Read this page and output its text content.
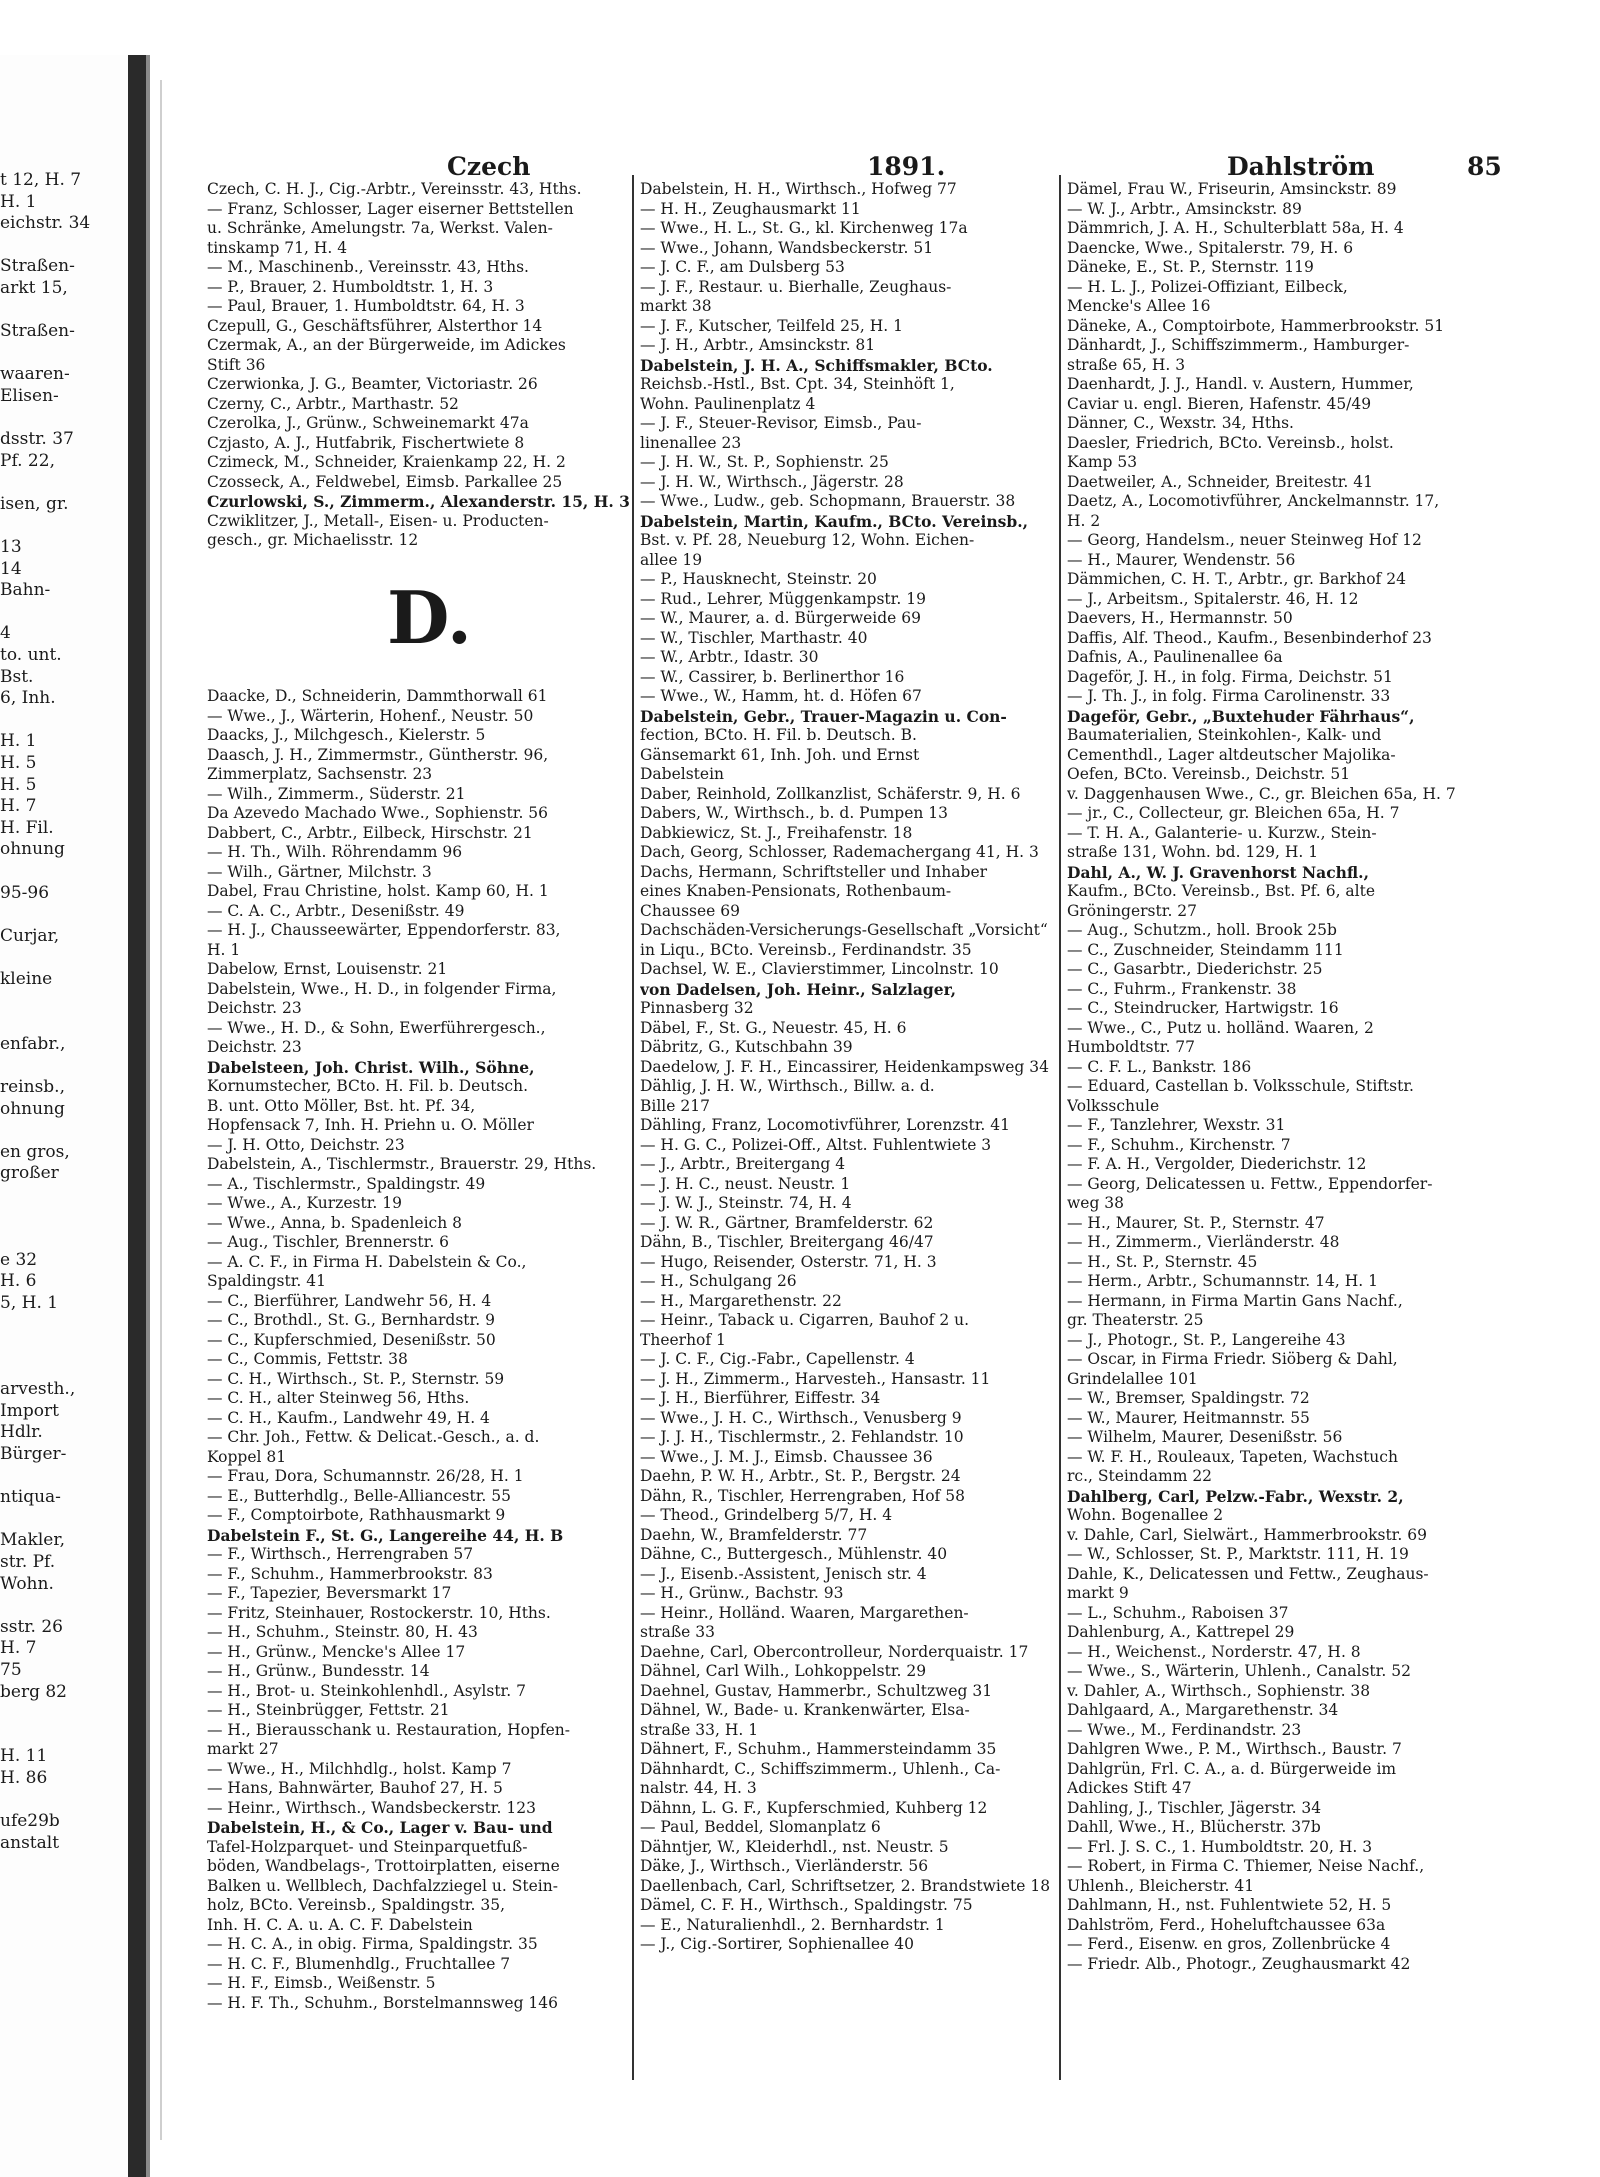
t 12, H. 7
H. 1
eichstr. 34
Straßen-
arkt 15,
Straßen-
waaren-
Elisen-
dsstr. 37
Pf. 22,
isen, gr.
13
14
Bahn-
4
to. unt.
Bst.
6, Inh.
H. 1
H. 5
H. 5
H. 7
H. Fil.
ohnung
95-96
Curjar,
kleine
enfabr.,
reinsb.,
ohnung
en gros,
großer
e 32
H. 6
5, H. 1
arvesth.,
Import
Hdlr.
Bürger-
ntiqua-
Makler,
str. Pf.
Wohn.
sstr. 26
H. 7
75
berg 82
H. 11
H. 86
ufe29b
anstalt
Czech	1891.	Dahlström	85
Czech, C. H. J., Cig.-Arbtr., Vereinsstr. 43, Hths.
— Franz, Schlosser, Lager eiserner Bettstellen
u. Schränke, Amelungstr. 7a, Werkst. Valen-
tinskamp 71, H. 4
— M., Maschinenb., Vereinsstr. 43, Hths.
— P., Brauer, 2. Humboldtstr. 1, H. 3
— Paul, Brauer, 1. Humboldtstr. 64, H. 3
Czepull, G., Geschäftsführer, Alsterthor 14
Czermak, A., an der Bürgerweide, im Adickes
Stift 36
Czerwionka, J. G., Beamter, Victoriastr. 26
Czerny, C., Arbtr., Marthastr. 52
Czerolka, J., Grünw., Schweinemarkt 47a
Czjasto, A. J., Hutfabrik, Fischertwiete 8
Czimeck, M., Schneider, Kraienkamp 22, H. 2
Czosseck, A., Feldwebel, Eimsb. Parkallee 25
Czurlowski, S., Zimmerm., Alexanderstr. 15, H. 3
Czwiklitzer, J., Metall-, Eisen- u. Producten-
gesch., gr. Michaelisstr. 12
Daacke, D., Schneiderin, Dammthorwall 61
— Wwe., J., Wärterin, Hohenf., Neustr. 50
Daacks, J., Milchgesch., Kielerstr. 5
Daasch, J. H., Zimmermstr., Güntherstr. 96,
Zimmerplatz, Sachsenstr. 23
— Wilh., Zimmerm., Süderstr. 21
Da Azevedo Machado Wwe., Sophienstr. 56
Dabbert, C., Arbtr., Eilbeck, Hirschstr. 21
— H. Th., Wilh. Röhrendamm 96
— Wilh., Gärtner, Milchstr. 3
Dabel, Frau Christine, holst. Kamp 60, H. 1
— C. A. C., Arbtr., Desenißstr. 49
— H. J., Chausseewärter, Eppendorferstr. 83,
H. 1
Dabelow, Ernst, Louisenstr. 21
Dabelstein, Wwe., H. D., in folgender Firma,
Deichstr. 23
— Wwe., H. D., & Sohn, Ewerführergesch.,
Deichstr. 23
Dabelsteen, Joh. Christ. Wilh., Söhne,
Kornumstecher, BCto. H. Fil. b. Deutsch.
B. unt. Otto Möller, Bst. ht. Pf. 34,
Hopfensack 7, Inh. H. Priehn u. O. Möller
— J. H. Otto, Deichstr. 23
Dabelstein, A., Tischlermstr., Brauerstr. 29, Hths.
— A., Tischlermstr., Spaldingstr. 49
— Wwe., A., Kurzestr. 19
— Wwe., Anna, b. Spadenleich 8
— Aug., Tischler, Brennerstr. 6
— A. C. F., in Firma H. Dabelstein & Co.,
Spaldingstr. 41
— C., Bierführer, Landwehr 56, H. 4
— C., Brothdl., St. G., Bernhardstr. 9
— C., Kupferschmied, Desenißstr. 50
— C., Commis, Fettstr. 38
— C. H., Wirthsch., St. P., Sternstr. 59
— C. H., alter Steinweg 56, Hths.
— C. H., Kaufm., Landwehr 49, H. 4
— Chr. Joh., Fettw. & Delicat.-Gesch., a. d.
Koppel 81
— Frau, Dora, Schumannstr. 26/28, H. 1
— E., Butterhdlg., Belle-Alliancestr. 55
— F., Comptoirbote, Rathhausmarkt 9
Dabelstein F., St. G., Langereihe 44, H. B
— F., Wirthsch., Herrengraben 57
— F., Schuhm., Hammerbrookstr. 83
— F., Tapezier, Beversmarkt 17
— Fritz, Steinhauer, Rostockerstr. 10, Hths.
— H., Schuhm., Steinstr. 80, H. 43
— H., Grünw., Mencke's Allee 17
— H., Grünw., Bundesstr. 14
— H., Brot- u. Steinkohlenhdl., Asylstr. 7
— H., Steinbrügger, Fettstr. 21
— H., Bierausschank u. Restauration, Hopfen-
markt 27
— Wwe., H., Milchhdlg., holst. Kamp 7
— Hans, Bahnwärter, Bauhof 27, H. 5
— Heinr., Wirthsch., Wandsbeckerstr. 123
Dabelstein, H., & Co., Lager v. Bau- und
Tafel-Holzparquet- und Steinparquetfuß-
böden, Wandbelags-, Trottoirplatten, eiserne
Balken u. Wellblech, Dachfalzziegel u. Stein-
holz, BCto. Vereinsb., Spaldingstr. 35,
Inh. H. C. A. u. A. C. F. Dabelstein
— H. C. A., in obig. Firma, Spaldingstr. 35
— H. C. F., Blumenhdlg., Fruchtallee 7
— H. F., Eimsb., Weißenstr. 5
— H. F. Th., Schuhm., Borstelmannsweg 146
Dabelstein, H. H., Wirthsch., Hofweg 77
— H. H., Zeughausmarkt 11
— Wwe., H. L., St. G., kl. Kirchenweg 17a
— Wwe., Johann, Wandsbeckerstr. 51
— J. C. F., am Dulsberg 53
— J. F., Restaur. u. Bierhalle, Zeughaus-
markt 38
— J. F., Kutscher, Teilfeld 25, H. 1
— J. H., Arbtr., Amsinckstr. 81
Dabelstein, J. H. A., Schiffsmakler, BCto.
Reichsb.-Hstl., Bst. Cpt. 34, Steinhöft 1,
Wohn. Paulinenplatz 4
— J. F., Steuer-Revisor, Eimsb., Pau-
linenallee 23
— J. H. W., St. P., Sophienstr. 25
— J. H. W., Wirthsch., Jägerstr. 28
— Wwe., Ludw., geb. Schopmann, Brauerstr. 38
Dabelstein, Martin, Kaufm., BCto. Vereinsb.,
Bst. v. Pf. 28, Neueburg 12, Wohn. Eichen-
allee 19
— P., Hausknecht, Steinstr. 20
— Rud., Lehrer, Müggenkampstr. 19
— W., Maurer, a. d. Bürgerweide 69
— W., Tischler, Marthastr. 40
— W., Arbtr., Idastr. 30
— W., Cassirer, b. Berlinerthor 16
— Wwe., W., Hamm, ht. d. Höfen 67
Dabelstein, Gebr., Trauer-Magazin u. Con-
fection, BCto. H. Fil. b. Deutsch. B.
Gänsemarkt 61, Inh. Joh. und Ernst
Dabelstein
Daber, Reinhold, Zollkanzlist, Schäferstr. 9, H. 6
Dabers, W., Wirthsch., b. d. Pumpen 13
Dabkiewicz, St. J., Freihafenstr. 18
Dach, Georg, Schlosser, Rademachergang 41, H. 3
Dachs, Hermann, Schriftsteller und Inhaber
eines Knaben-Pensionats, Rothenbaum-
Chaussee 69
Dachschäden-Versicherungs-Gesellschaft „Vorsicht“
in Liqu., BCto. Vereinsb., Ferdinandstr. 35
Dachsel, W. E., Clavierstimmer, Lincolnstr. 10
von Dadelsen, Joh. Heinr., Salzlager,
Pinnasberg 32
Däbel, F., St. G., Neuestr. 45, H. 6
Däbritz, G., Kutschbahn 39
Daedelow, J. F. H., Eincassirer, Heidenkampsweg 34
Dählig, J. H. W., Wirthsch., Billw. a. d.
Bille 217
Dähling, Franz, Locomotivführer, Lorenzstr. 41
— H. G. C., Polizei-Off., Altst. Fuhlentwiete 3
— J., Arbtr., Breitergang 4
— J. H. C., neust. Neustr. 1
— J. W. J., Steinstr. 74, H. 4
— J. W. R., Gärtner, Bramfelderstr. 62
Dähn, B., Tischler, Breitergang 46/47
— Hugo, Reisender, Osterstr. 71, H. 3
— H., Schulgang 26
— H., Margarethenstr. 22
— Heinr., Taback u. Cigarren, Bauhof 2 u.
Theerhof 1
— J. C. F., Cig.-Fabr., Capellenstr. 4
— J. H., Zimmerm., Harvesteh., Hansastr. 11
— J. H., Bierführer, Eiffestr. 34
— Wwe., J. H. C., Wirthsch., Venusberg 9
— J. J. H., Tischlermstr., 2. Fehlandstr. 10
— Wwe., J. M. J., Eimsb. Chaussee 36
Daehn, P. W. H., Arbtr., St. P., Bergstr. 24
Dähn, R., Tischler, Herrengraben, Hof 58
— Theod., Grindelberg 5/7, H. 4
Daehn, W., Bramfelderstr. 77
Dähne, C., Buttergesch., Mühlenstr. 40
— J., Eisenb.-Assistent, Jenisch str. 4
— H., Grünw., Bachstr. 93
— Heinr., Holländ. Waaren, Margarethen-
straße 33
Daehne, Carl, Obercontrolleur, Norderquaistr. 17
Dähnel, Carl Wilh., Lohkoppelstr. 29
Daehnel, Gustav, Hammerbr., Schultzweg 31
Dähnel, W., Bade- u. Krankenwärter, Elsa-
straße 33, H. 1
Dähnert, F., Schuhm., Hammersteindamm 35
Dähnhardt, C., Schiffszimmerm., Uhlenh., Ca-
nalstr. 44, H. 3
Dähnn, L. G. F., Kupferschmied, Kuhberg 12
— Paul, Beddel, Slomanplatz 6
Dähntjer, W., Kleiderhdl., nst. Neustr. 5
Däke, J., Wirthsch., Vierländerstr. 56
Daellenbach, Carl, Schriftsetzer, 2. Brandstwiete 18
Dämel, C. F. H., Wirthsch., Spaldingstr. 75
— E., Naturalienhdl., 2. Bernhardstr. 1
— J., Cig.-Sortirer, Sophienallee 40
Dämel, Frau W., Friseurin, Amsinckstr. 89
— W. J., Arbtr., Amsinckstr. 89
Dämmrich, J. A. H., Schulterblatt 58a, H. 4
Daencke, Wwe., Spitalerstr. 79, H. 6
Däneke, E., St. P., Sternstr. 119
— H. L. J., Polizei-Offiziant, Eilbeck,
Mencke's Allee 16
Däneke, A., Comptoirbote, Hammerbrookstr. 51
Dänhardt, J., Schiffszimmerm., Hamburger-
straße 65, H. 3
Daenhardt, J. J., Handl. v. Austern, Hummer,
Caviar u. engl. Bieren, Hafenstr. 45/49
Dänner, C., Wexstr. 34, Hths.
Daesler, Friedrich, BCto. Vereinsb., holst.
Kamp 53
Daetweiler, A., Schneider, Breitestr. 41
Daetz, A., Locomotivführer, Anckelmannstr. 17,
H. 2
— Georg, Handelsm., neuer Steinweg Hof 12
— H., Maurer, Wendenstr. 56
Dämmichen, C. H. T., Arbtr., gr. Barkhof 24
— J., Arbeitsm., Spitalerstr. 46, H. 12
Daevers, H., Hermannstr. 50
Daffis, Alf. Theod., Kaufm., Besenbinderhof 23
Dafnis, A., Paulinenallee 6a
Dageför, J. H., in folg. Firma, Deichstr. 51
— J. Th. J., in folg. Firma Carolinenstr. 33
Dageför, Gebr., „Buxtehuder Fährhaus“,
Baumaterialien, Steinkohlen-, Kalk- und
Cementhdl., Lager altdeutscher Majolika-
Oefen, BCto. Vereinsb., Deichstr. 51
v. Daggenhausen Wwe., C., gr. Bleichen 65a, H. 7
— jr., C., Collecteur, gr. Bleichen 65a, H. 7
— T. H. A., Galanterie- u. Kurzw., Stein-
straße 131, Wohn. bd. 129, H. 1
Dahl, A., W. J. Gravenhorst Nachfl.,
Kaufm., BCto. Vereinsb., Bst. Pf. 6, alte
Gröningerstr. 27
— Aug., Schutzm., holl. Brook 25b
— C., Zuschneider, Steindamm 111
— C., Gasarbtr., Diederichstr. 25
— C., Fuhrm., Frankenstr. 38
— C., Steindrucker, Hartwigstr. 16
— Wwe., C., Putz u. holländ. Waaren, 2
Humboldtstr. 77
— C. F. L., Bankstr. 186
— Eduard, Castellan b. Volksschule, Stiftstr.
Volksschule
— F., Tanzlehrer, Wexstr. 31
— F., Schuhm., Kirchenstr. 7
— F. A. H., Vergolder, Diederichstr. 12
— Georg, Delicatessen u. Fettw., Eppendorfer-
weg 38
— H., Maurer, St. P., Sternstr. 47
— H., Zimmerm., Vierländerstr. 48
— H., St. P., Sternstr. 45
— Herm., Arbtr., Schumannstr. 14, H. 1
— Hermann, in Firma Martin Gans Nachf.,
gr. Theaterstr. 25
— J., Photogr., St. P., Langereihe 43
— Oscar, in Firma Friedr. Siöberg & Dahl,
Grindelallee 101
— W., Bremser, Spaldingstr. 72
— W., Maurer, Heitmannstr. 55
— Wilhelm, Maurer, Desenißstr. 56
— W. F. H., Rouleaux, Tapeten, Wachstuch
rc., Steindamm 22
Dahlberg, Carl, Pelzw.-Fabr., Wexstr. 2,
Wohn. Bogenallee 2
v. Dahle, Carl, Sielwärt., Hammerbrookstr. 69
— W., Schlosser, St. P., Marktstr. 111, H. 19
Dahle, K., Delicatessen und Fettw., Zeughaus-
markt 9
— L., Schuhm., Raboisen 37
Dahlenburg, A., Kattrepel 29
— H., Weichenst., Norderstr. 47, H. 8
— Wwe., S., Wärterin, Uhlenh., Canalstr. 52
v. Dahler, A., Wirthsch., Sophienstr. 38
Dahlgaard, A., Margarethenstr. 34
— Wwe., M., Ferdinandstr. 23
Dahlgren Wwe., P. M., Wirthsch., Baustr. 7
Dahlgrün, Frl. C. A., a. d. Bürgerweide im
Adickes Stift 47
Dahling, J., Tischler, Jägerstr. 34
Dahll, Wwe., H., Blücherstr. 37b
— Frl. J. S. C., 1. Humboldtstr. 20, H. 3
— Robert, in Firma C. Thiemer, Neise Nachf.,
Uhlenh., Bleicherstr. 41
Dahlmann, H., nst. Fuhlentwiete 52, H. 5
Dahlström, Ferd., Hoheluftchaussee 63a
— Ferd., Eisenw. en gros, Zollenbrücke 4
— Friedr. Alb., Photogr., Zeughausmarkt 42
D.
